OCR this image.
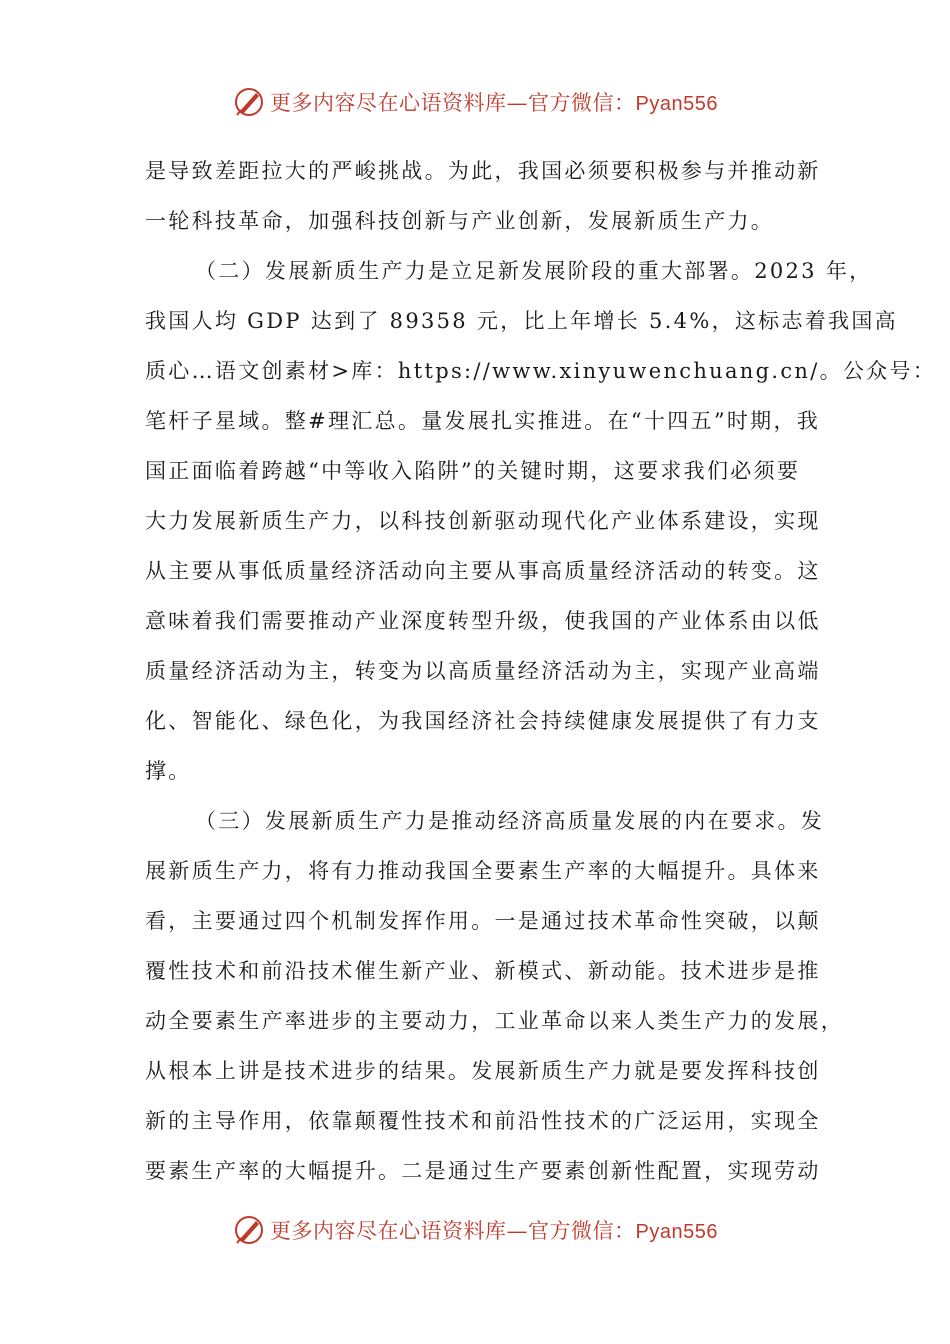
更多内容尽在心语资料库—官方微信：Pyan556
是导致差距拉大的严峻挑战。为此，我国必须要积极参与并推动新
一轮科技革命，加强科技创新与产业创新，发展新质生产力。
（二）发展新质生产力是立足新发展阶段的重大部署。2023 年，
我国人均 GDP 达到了 89358 元，比上年增长 5.4%，这标志着我国高
质心…语文创素材>库：https://www.xinyuwenchuang.cn/。公众号：
笔杆子星域。整#理汇总。量发展扎实推进。在“十四五”时期，我
国正面临着跨越“中等收入陷阱”的关键时期，这要求我们必须要
大力发展新质生产力，以科技创新驱动现代化产业体系建设，实现
从主要从事低质量经济活动向主要从事高质量经济活动的转变。这
意味着我们需要推动产业深度转型升级，使我国的产业体系由以低
质量经济活动为主，转变为以高质量经济活动为主，实现产业高端
化、智能化、绿色化，为我国经济社会持续健康发展提供了有力支
撑。
（三）发展新质生产力是推动经济高质量发展的内在要求。发
展新质生产力，将有力推动我国全要素生产率的大幅提升。具体来
看，主要通过四个机制发挥作用。一是通过技术革命性突破，以颠
覆性技术和前沿技术催生新产业、新模式、新动能。技术进步是推
动全要素生产率进步的主要动力，工业革命以来人类生产力的发展，
从根本上讲是技术进步的结果。发展新质生产力就是要发挥科技创
新的主导作用，依靠颠覆性技术和前沿性技术的广泛运用，实现全
要素生产率的大幅提升。二是通过生产要素创新性配置，实现劳动
更多内容尽在心语资料库—官方微信：Pyan556
